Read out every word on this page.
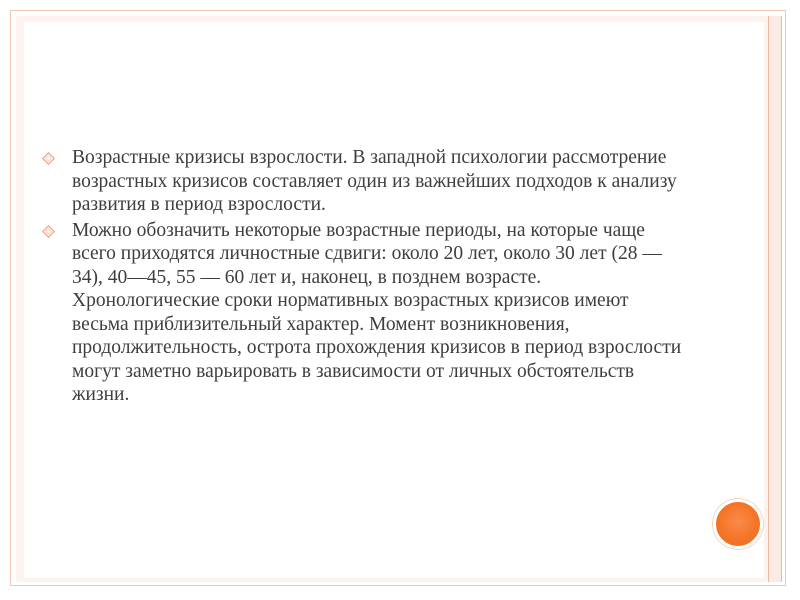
Возрастные кризисы взрослости. В западной психологии рассмотрение возрастных кризисов составляет один из важнейших подходов к анализу развития в период взрослости.

Можно обозначить некоторые возрастные периоды, на которые чаще всего приходятся личностные сдвиги: около 20 лет, около 30 лет (28 — 34), 40—45, 55 — 60 лет и, наконец, в позднем возрасте. Хронологические сроки нормативных возрастных кризисов имеют весьма приблизительный характер. Момент возникновения, продолжительность, острота прохождения кризисов в период взрослости могут заметно варьировать в зависимости от личных обстоятельств жизни.
